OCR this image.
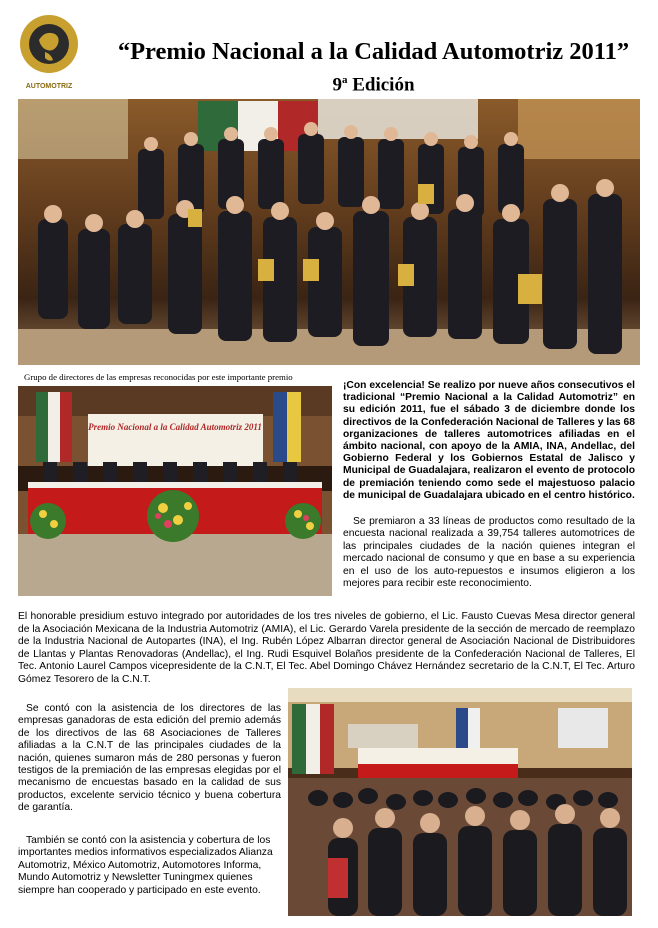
AUTOMOTRIZ
“Premio Nacional a la Calidad Automotriz 2011”
9$^a$ Edición
Grupo de directores de las empresas reconocidas por este importante premio
Premio Nacional a la Calidad Automotriz 2011
¡Con excelencia! Se realizo por nueve años consecutivos el tradicional “Premio Nacional a la Calidad Automotriz” en su edición 2011, fue el sábado 3 de diciembre donde los directivos de la Confederación Nacional de Talleres y las 68 organizaciones de talleres automotrices afiliadas en el ámbito nacional, con apoyo de la AMIA, INA, Andellac, del Gobierno Federal y los Gobiernos Estatal de Jalisco y Municipal de Guadalajara, realizaron el evento de protocolo de premiación teniendo como sede el majestuoso palacio de municipal de Guadalajara ubicado en el centro histórico.
Se premiaron a 33 líneas de productos como resultado de la encuesta nacional realizada a 39,754 talleres automotrices de las principales ciudades de la nación quienes integran el mercado nacional de consumo y que en base a su experiencia en el uso de los auto-repuestos e insumos eligieron a los mejores para recibir este reconocimiento.
El honorable presidium estuvo integrado por autoridades de los tres niveles de gobierno, el Lic. Fausto Cuevas Mesa director general de la Asociación Mexicana de la Industria Automotriz (AMIA), el Lic. Gerardo Varela presidente de la sección de mercado de reemplazo de la Industria Nacional de Autopartes (INA), el Ing. Rubén López Albarran director general de Asociación Nacional de Distribuidores de Llantas y Plantas Renovadoras (Andellac), el Ing. Rudi Esquivel Bolaños presidente de la Confederación Nacional de Talleres, El Tec. Antonio Laurel Campos vicepresidente de la C.N.T, El Tec. Abel Domingo Chávez Hernández secretario de la C.N.T, El Tec. Arturo Gómez Tesorero de la C.N.T.
Se contó con la asistencia de los directores de las empresas ganadoras de esta edición del premio además de los directivos de las 68 Asociaciones de Talleres afiliadas a la C.N.T de las principales ciudades de la nación, quienes sumaron más de 280 personas y fueron testigos de la premiación de las empresas elegidas por el mecanismo de encuestas basado en la calidad de sus productos, excelente servicio técnico y buena cobertura de garantía.
También se contó con la asistencia y cobertura de los importantes medios informativos especializados Alianza Automotriz, México Automotriz, Automotores Informa, Mundo Automotriz y Newsletter Tuningmex quienes siempre han cooperado y participado en este evento.
